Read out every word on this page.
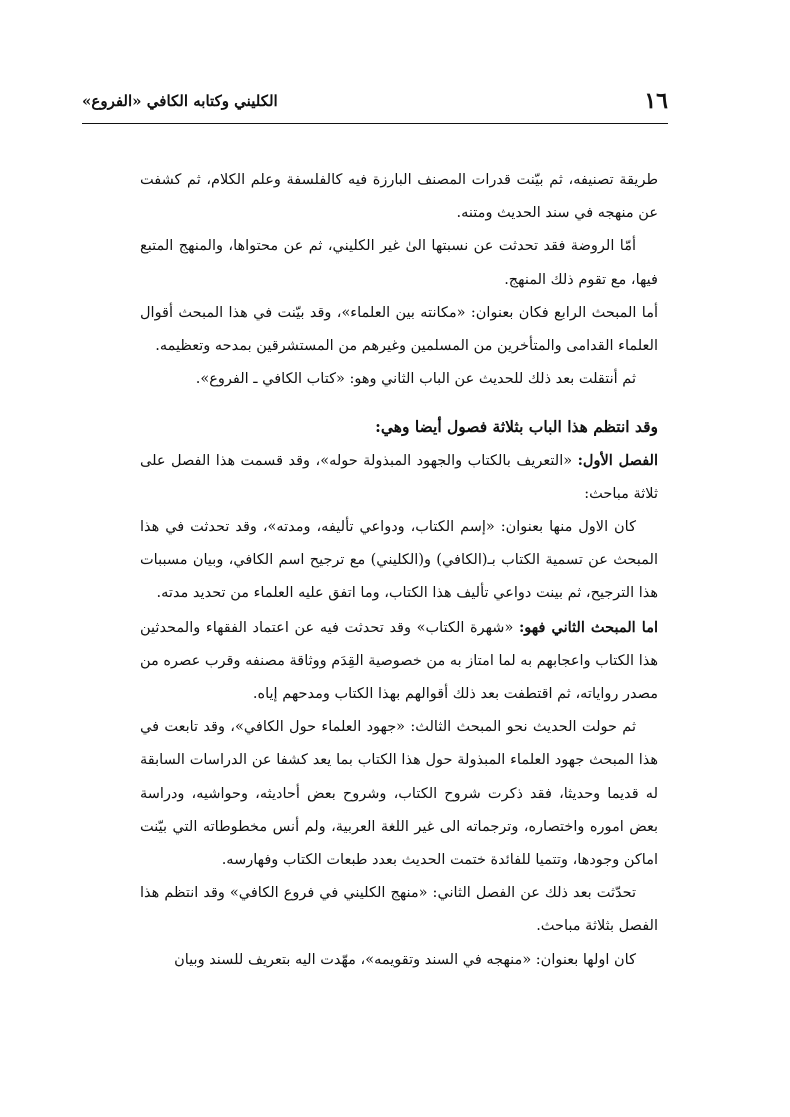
١٦
الكليني وكتابه الكافي «الفروع»

طريقة تصنيفه، ثم بيّنت قدرات المصنف البارزة فيه كالفلسفة وعلم الكلام، ثم كشفت عن منهجه في سند الحديث ومتنه.

أمّا الروضة فقد تحدثت عن نسبتها الىٰ غير الكليني، ثم عن محتواها، والمنهج المتبع فيها، مع تقوم ذلك المنهج.

أما المبحث الرابع فكان بعنوان: «مكانته بين العلماء»، وقد بيّنت في هذا المبحث أقوال العلماء القدامى والمتأخرين من المسلمين وغيرهم من المستشرقين بمدحه وتعظيمه.

ثم أنتقلت بعد ذلك للحديث عن الباب الثاني وهو: «كتاب الكافي ـ الفروع».

وقد انتظم هذا الباب بثلاثة فصول أيضا وهي:

الفصل الأول: «التعريف بالكتاب والجهود المبذولة حوله»، وقد قسمت هذا الفصل على ثلاثة مباحث:

كان الاول منها بعنوان: «إسم الكتاب، ودواعي تأليفه، ومدته»، وقد تحدثت في هذا المبحث عن تسمية الكتاب بـ(الكافي) و(الكليني) مع ترجيح اسم الكافي، وبيان مسببات هذا الترجيح، ثم بينت دواعي تأليف هذا الكتاب، وما اتفق عليه العلماء من تحديد مدته.

اما المبحث الثاني فهو: «شهرة الكتاب» وقد تحدثت فيه عن اعتماد الفقهاء والمحدثين هذا الكتاب واعجابهم به لما امتاز به من خصوصية القِدَم ووثاقة مصنفه وقرب عصره من مصدر رواياته، ثم اقتطفت بعد ذلك أقوالهم بهذا الكتاب ومدحهم إياه.

ثم حولت الحديث نحو المبحث الثالث: «جهود العلماء حول الكافي»، وقد تابعت في هذا المبحث جهود العلماء المبذولة حول هذا الكتاب بما يعد كشفا عن الدراسات السابقة له قديما وحديثا، فقد ذكرت شروح الكتاب، وشروح بعض أحاديثه، وحواشيه، ودراسة بعض اموره واختصاره، وترجماته الى غير اللغة العربية، ولم أنس مخطوطاته التي بيّنت اماكن وجودها، وتتميا للفائدة ختمت الحديث بعدد طبعات الكتاب وفهارسه.

تحدّثت بعد ذلك عن الفصل الثاني: «منهج الكليني في فروع الكافي» وقد انتظم هذا الفصل بثلاثة مباحث.

كان اولها بعنوان: «منهجه في السند وتقويمه»، مهّدت اليه بتعريف للسند وبيان
